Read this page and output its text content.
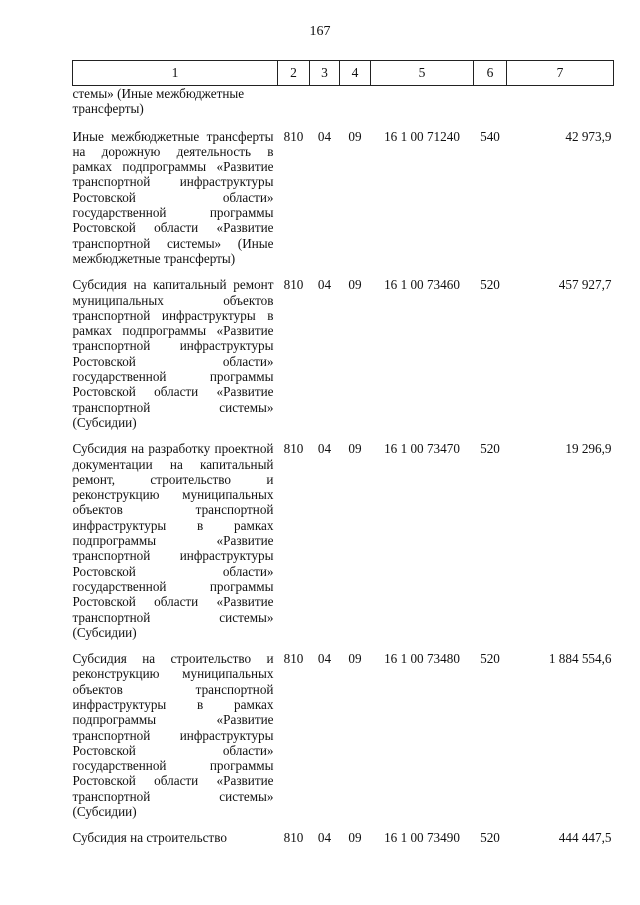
167
1	2	3	4	5	6	7
стемы» (Иные межбюджетные трансферты)						
Иные межбюджетные трансферты на дорожную деятельность в рамках подпрограммы «Развитие транспортной инфраструктуры Ростовской области» государственной программы Ростовской области «Развитие транспортной системы» (Иные межбюджетные трансферты)	810	04	09	16 1 00 71240	540	42 973,9
Субсидия на капитальный ремонт муниципальных объектов транспортной инфраструктуры в рамках подпрограммы «Развитие транспортной инфраструктуры Ростовской области» государственной программы Ростовской области «Развитие транспортной системы» (Субсидии)	810	04	09	16 1 00 73460	520	457 927,7
Субсидия на разработку проектной документации на капитальный ремонт, строительство и реконструкцию муниципальных объектов транспортной инфраструктуры в рамках подпрограммы «Развитие транспортной инфраструктуры Ростовской области» государственной программы Ростовской области «Развитие транспортной системы» (Субсидии)	810	04	09	16 1 00 73470	520	19 296,9
Субсидия на строительство и реконструкцию муниципальных объектов транспортной инфраструктуры в рамках подпрограммы «Развитие транспортной инфраструктуры Ростовской области» государственной программы Ростовской области «Развитие транспортной системы» (Субсидии)	810	04	09	16 1 00 73480	520	1 884 554,6
Субсидия на строительство	810	04	09	16 1 00 73490	520	444 447,5
